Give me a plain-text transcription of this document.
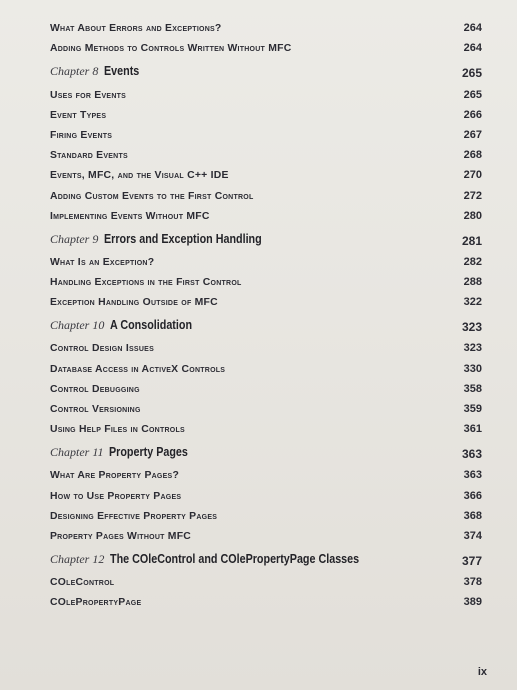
What About Errors and Exceptions?	264
Adding Methods to Controls Written Without MFC	264
Chapter 8 Events	265
Uses for Events	265
Event Types	266
Firing Events	267
Standard Events	268
Events, MFC, and the Visual C++ IDE	270
Adding Custom Events to the First Control	272
Implementing Events Without MFC	280
Chapter 9 Errors and Exception Handling	281
What Is an Exception?	282
Handling Exceptions in the First Control	288
Exception Handling Outside of MFC	322
Chapter 10 A Consolidation	323
Control Design Issues	323
Database Access in ActiveX Controls	330
Control Debugging	358
Control Versioning	359
Using Help Files in Controls	361
Chapter 11 Property Pages	363
What Are Property Pages?	363
How to Use Property Pages	366
Designing Effective Property Pages	368
Property Pages Without MFC	374
Chapter 12 The COleControl and COlePropertyPage Classes	377
COleControl	378
COlePropertyPage	389
ix
